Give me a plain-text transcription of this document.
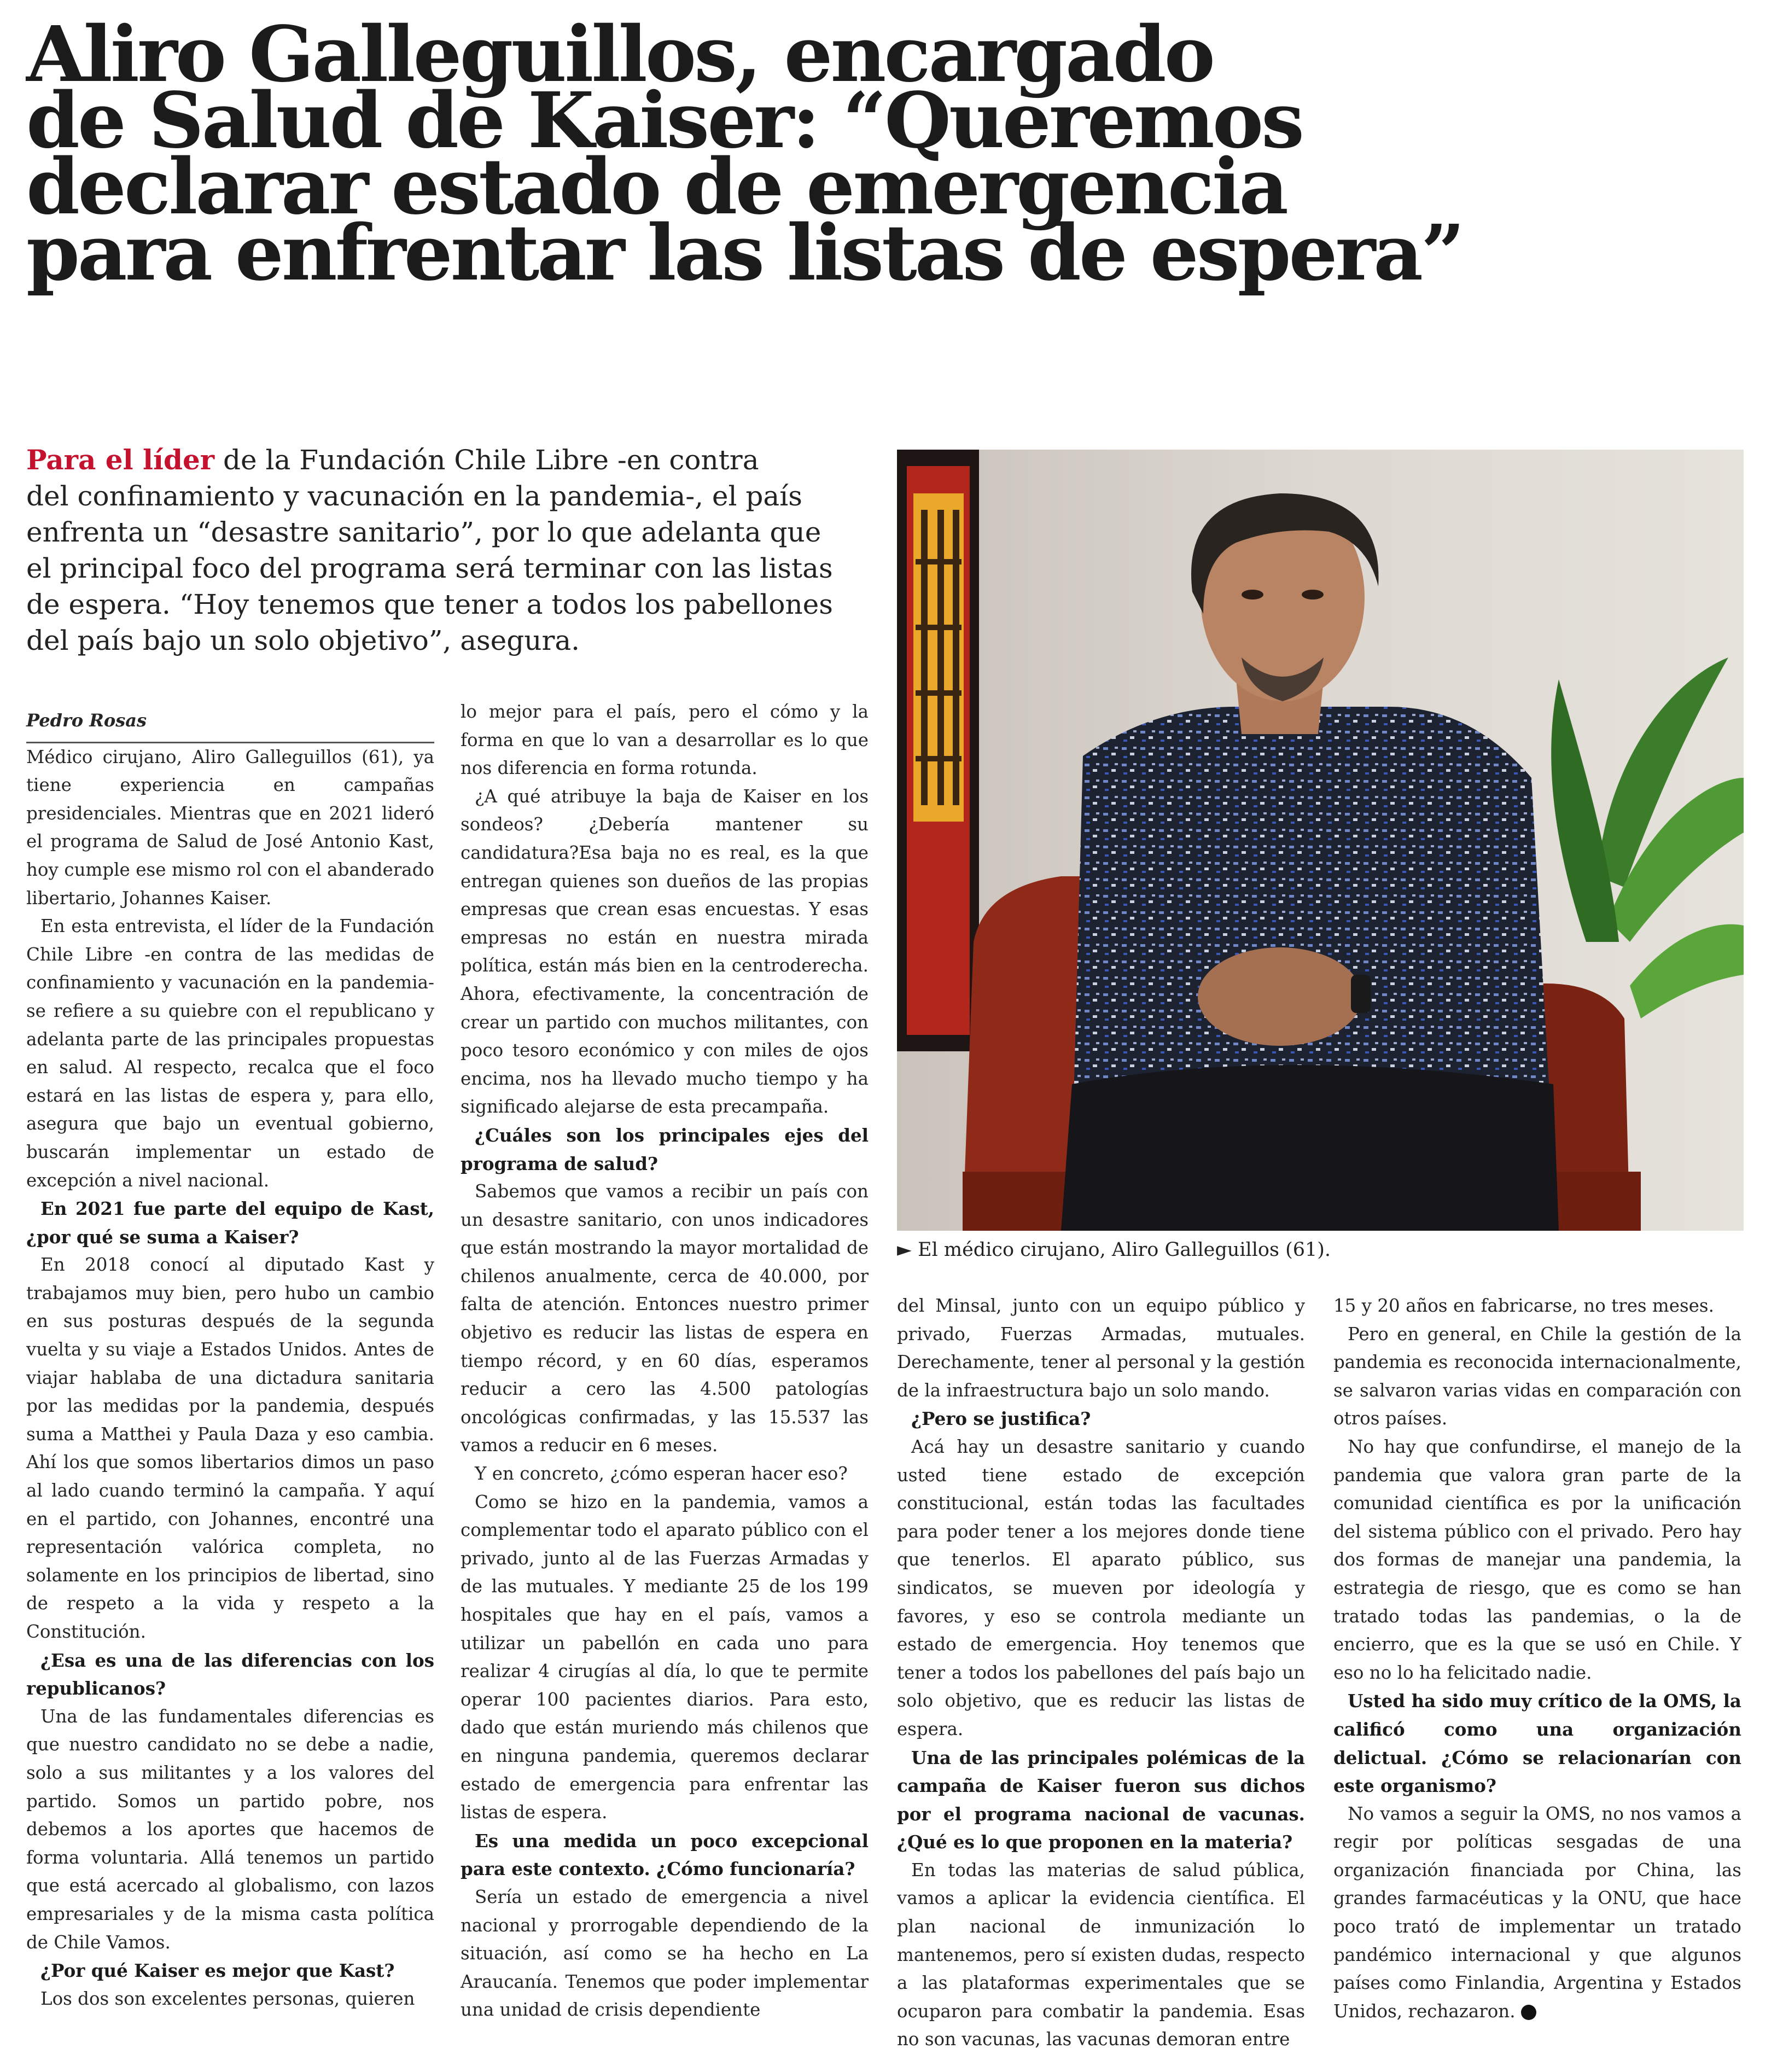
Aliro Galleguillos, encargado
de Salud de Kaiser: “Queremos
declarar estado de emergencia
para enfrentar las listas de espera”
Para el líder de la Fundación Chile Libre -en contra
del confinamiento y vacunación en la pandemia-, el país
enfrenta un “desastre sanitario”, por lo que adelanta que
el principal foco del programa será terminar con las listas
de espera. “Hoy tenemos que tener a todos los pabellones
del país bajo un solo objetivo”, asegura.
► El médico cirujano, Aliro Galleguillos (61).

Pedro Rosas

Médico cirujano, Aliro Galleguillos (61), ya tiene experiencia en campañas presidenciales. Mientras que en 2021 lideró el programa de Salud de José Antonio Kast, hoy cumple ese mismo rol con el abanderado libertario, Johannes Kaiser.

En esta entrevista, el líder de la Fundación Chile Libre -en contra de las medidas de confinamiento y vacunación en la pandemia- se refiere a su quiebre con el republicano y adelanta parte de las principales propuestas en salud. Al respecto, recalca que el foco estará en las listas de espera y, para ello, asegura que bajo un eventual gobierno, buscarán implementar un estado de excepción a nivel nacional.

En 2021 fue parte del equipo de Kast, ¿por qué se suma a Kaiser?

En 2018 conocí al diputado Kast y trabajamos muy bien, pero hubo un cambio en sus posturas después de la segunda vuelta y su viaje a Estados Unidos. Antes de viajar hablaba de una dictadura sanitaria por las medidas por la pandemia, después suma a Matthei y Paula Daza y eso cambia. Ahí los que somos libertarios dimos un paso al lado cuando terminó la campaña. Y aquí en el partido, con Johannes, encontré una representación valórica completa, no solamente en los principios de libertad, sino de respeto a la vida y respeto a la Constitución.

¿Esa es una de las diferencias con los republicanos?

Una de las fundamentales diferencias es que nuestro candidato no se debe a nadie, solo a sus militantes y a los valores del partido. Somos un partido pobre, nos debemos a los aportes que hacemos de forma voluntaria. Allá tenemos un partido que está acercado al globalismo, con lazos empresariales y de la misma casta política de Chile Vamos.

¿Por qué Kaiser es mejor que Kast?

Los dos son excelentes personas, quieren

lo mejor para el país, pero el cómo y la forma en que lo van a desarrollar es lo que nos diferencia en forma rotunda.

¿A qué atribuye la baja de Kaiser en los sondeos? ¿Debería mantener su candidatura?Esa baja no es real, es la que entregan quienes son dueños de las propias empresas que crean esas encuestas. Y esas empresas no están en nuestra mirada política, están más bien en la centroderecha. Ahora, efectivamente, la concentración de crear un partido con muchos militantes, con poco tesoro económico y con miles de ojos encima, nos ha llevado mucho tiempo y ha significado alejarse de esta precampaña.

¿Cuáles son los principales ejes del programa de salud?

Sabemos que vamos a recibir un país con un desastre sanitario, con unos indicadores que están mostrando la mayor mortalidad de chilenos anualmente, cerca de 40.000, por falta de atención. Entonces nuestro primer objetivo es reducir las listas de espera en tiempo récord, y en 60 días, esperamos reducir a cero las 4.500 patologías oncológicas confirmadas, y las 15.537 las vamos a reducir en 6 meses.

Y en concreto, ¿cómo esperan hacer eso?

Como se hizo en la pandemia, vamos a complementar todo el aparato público con el privado, junto al de las Fuerzas Armadas y de las mutuales. Y mediante 25 de los 199 hospitales que hay en el país, vamos a utilizar un pabellón en cada uno para realizar 4 cirugías al día, lo que te permite operar 100 pacientes diarios. Para esto, dado que están muriendo más chilenos que en ninguna pandemia, queremos declarar estado de emergencia para enfrentar las listas de espera.

Es una medida un poco excepcional para este contexto. ¿Cómo funcionaría?

Sería un estado de emergencia a nivel nacional y prorrogable dependiendo de la situación, así como se ha hecho en La Araucanía. Tenemos que poder implementar una unidad de crisis dependiente

del Minsal, junto con un equipo público y privado, Fuerzas Armadas, mutuales. Derechamente, tener al personal y la gestión de la infraestructura bajo un solo mando.

¿Pero se justifica?

Acá hay un desastre sanitario y cuando usted tiene estado de excepción constitucional, están todas las facultades para poder tener a los mejores donde tiene que tenerlos. El aparato público, sus sindicatos, se mueven por ideología y favores, y eso se controla mediante un estado de emergencia. Hoy tenemos que tener a todos los pabellones del país bajo un solo objetivo, que es reducir las listas de espera.

Una de las principales polémicas de la campaña de Kaiser fueron sus dichos por el programa nacional de vacunas. ¿Qué es lo que proponen en la materia?

En todas las materias de salud pública, vamos a aplicar la evidencia científica. El plan nacional de inmunización lo mantenemos, pero sí existen dudas, respecto a las plataformas experimentales que se ocuparon para combatir la pandemia. Esas no son vacunas, las vacunas demoran entre

15 y 20 años en fabricarse, no tres meses.

Pero en general, en Chile la gestión de la pandemia es reconocida internacionalmente, se salvaron varias vidas en comparación con otros países.

No hay que confundirse, el manejo de la pandemia que valora gran parte de la comunidad científica es por la unificación del sistema público con el privado. Pero hay dos formas de manejar una pandemia, la estrategia de riesgo, que es como se han tratado todas las pandemias, o la de encierro, que es la que se usó en Chile. Y eso no lo ha felicitado nadie.

Usted ha sido muy crítico de la OMS, la calificó como una organización delictual. ¿Cómo se relacionarían con este organismo?

No vamos a seguir la OMS, no nos vamos a regir por políticas sesgadas de una organización financiada por China, las grandes farmacéuticas y la ONU, que hace poco trató de implementar un tratado pandémico internacional y que algunos países como Finlandia, Argentina y Estados Unidos, rechazaron.
